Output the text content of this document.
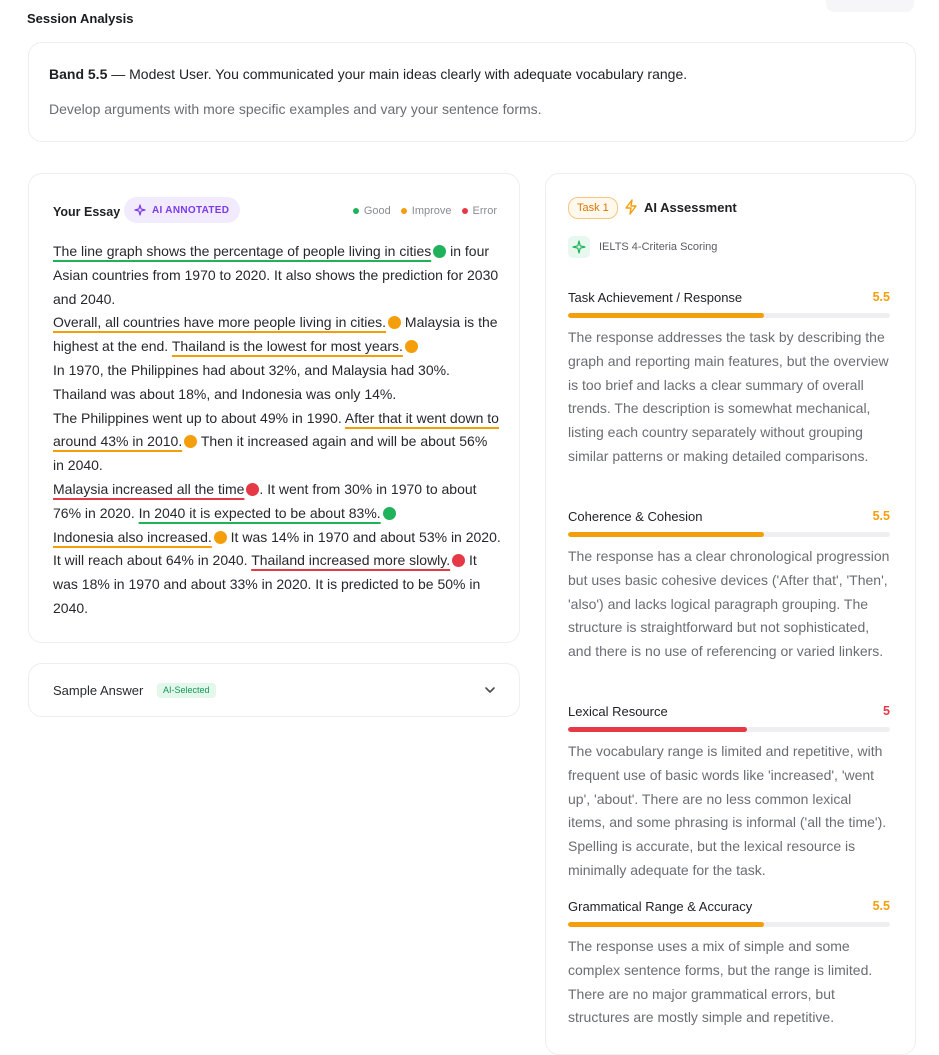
Session Analysis
Band 5.5 — Modest User. You communicated your main ideas clearly with adequate vocabulary range.
Develop arguments with more specific examples and vary your sentence forms.
Your Essay	AI ANNOTATED	Good Improve Error
The line graph shows the percentage of people living in cities in four Asian countries from 1970 to 2020. It also shows the prediction for 2030 and 2040.
Overall, all countries have more people living in cities. Malaysia is the highest at the end. Thailand is the lowest for most years.
In 1970, the Philippines had about 32%, and Malaysia had 30%. Thailand was about 18%, and Indonesia was only 14%.
The Philippines went up to about 49% in 1990. After that it went down to around 43% in 2010. Then it increased again and will be about 56% in 2040.
Malaysia increased all the time . It went from 30% in 1970 to about 76% in 2020. In 2040 it is expected to be about 83%.
Indonesia also increased. It was 14% in 1970 and about 53% in 2020. It will reach about 64% in 2040. Thailand increased more slowly. It was 18% in 1970 and about 33% in 2020. It is predicted to be 50% in 2040.
Sample Answer	AI-Selected
Task 1	AI Assessment
IELTS 4-Criteria Scoring
Task Achievement / Response	5.5
The response addresses the task by describing the graph and reporting main features, but the overview is too brief and lacks a clear summary of overall trends. The description is somewhat mechanical, listing each country separately without grouping similar patterns or making detailed comparisons.
Coherence & Cohesion	5.5
The response has a clear chronological progression but uses basic cohesive devices ('After that', 'Then', 'also') and lacks logical paragraph grouping. The structure is straightforward but not sophisticated, and there is no use of referencing or varied linkers.
Lexical Resource	5
The vocabulary range is limited and repetitive, with frequent use of basic words like 'increased', 'went up', 'about'. There are no less common lexical items, and some phrasing is informal ('all the time'). Spelling is accurate, but the lexical resource is minimally adequate for the task.
Grammatical Range & Accuracy	5.5
The response uses a mix of simple and some complex sentence forms, but the range is limited. There are no major grammatical errors, but structures are mostly simple and repetitive.
